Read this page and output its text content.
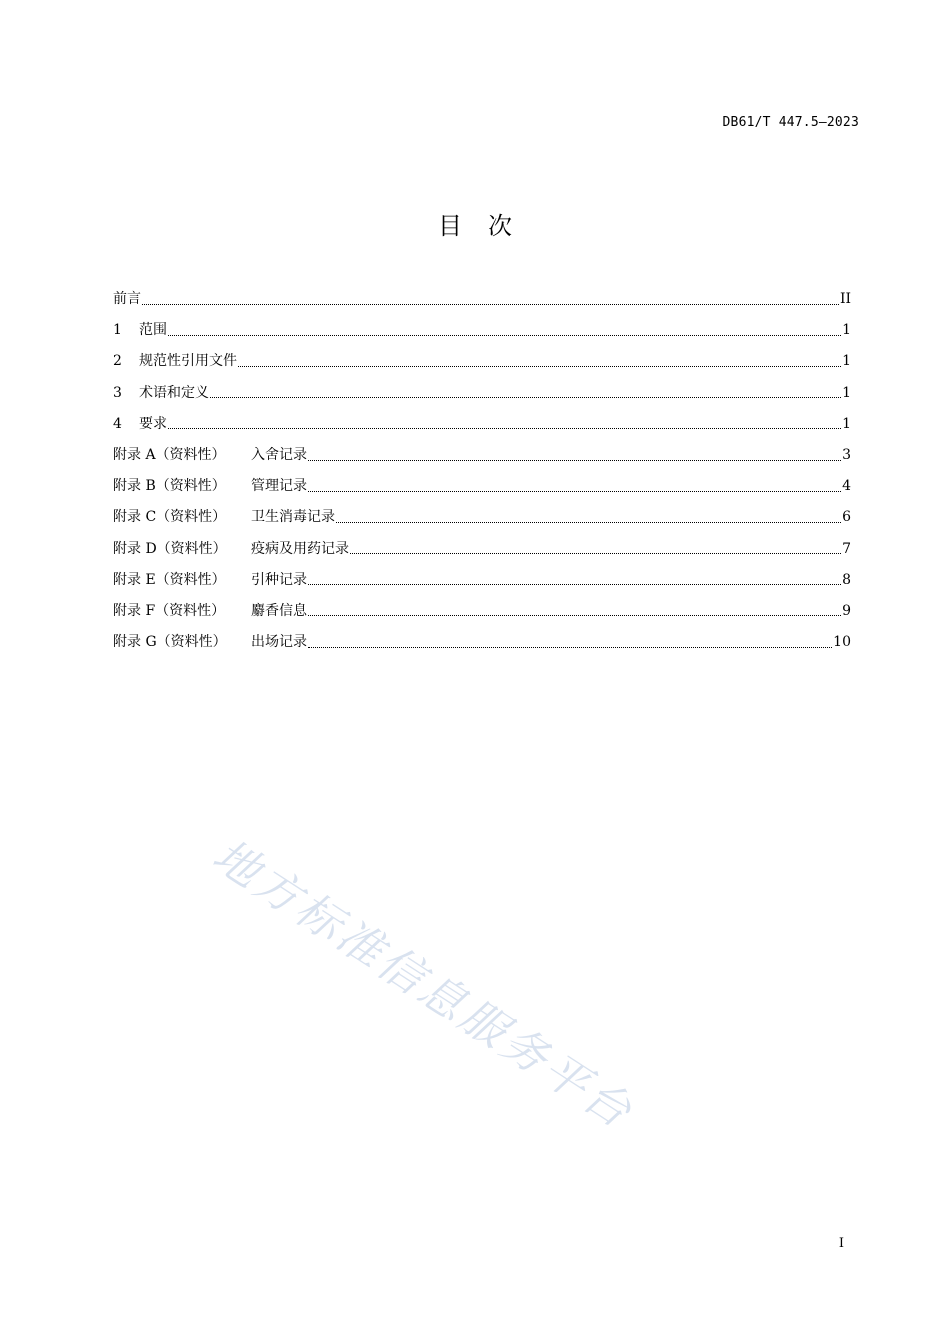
DB61/T 447.5—2023
目次
前言	II
1	范围	1
2	规范性引用文件	1
3	术语和定义	1
4	要求	1
附录 A（资料性）	入舍记录	3
附录 B（资料性）	管理记录	4
附录 C（资料性）	卫生消毒记录	6
附录 D（资料性）	疫病及用药记录	7
附录 E（资料性）	引种记录	8
附录 F（资料性）	麝香信息	9
附录 G（资料性）	出场记录	10
地方标准信息服务平台
I
